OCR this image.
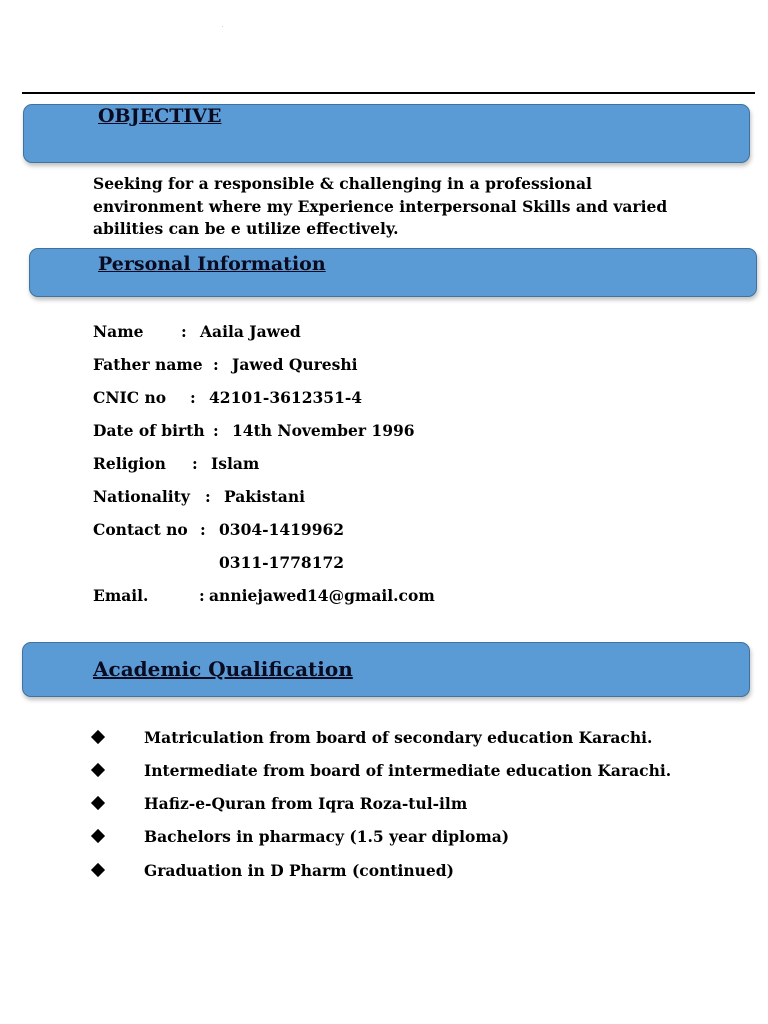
OBJECTIVE
Seeking for a responsible & challenging in a professional environment where my Experience interpersonal Skills and varied abilities can be e utilize effectively.
Personal Information
Name : Aaila Jawed
Father name : Jawed Qureshi
CNIC no : 42101-3612351-4
Date of birth : 14th November 1996
Religion : Islam
Nationality : Pakistani
Contact no : 0304-1419962
0311-1778172
Email.	: anniejawed14@gmail.com
Academic Qualification
Matriculation from board of secondary education Karachi.
Intermediate from board of intermediate education Karachi.
Hafiz-e-Quran from Iqra Roza-tul-ilm
Bachelors in pharmacy (1.5 year diploma)
Graduation in D Pharm (continued)
